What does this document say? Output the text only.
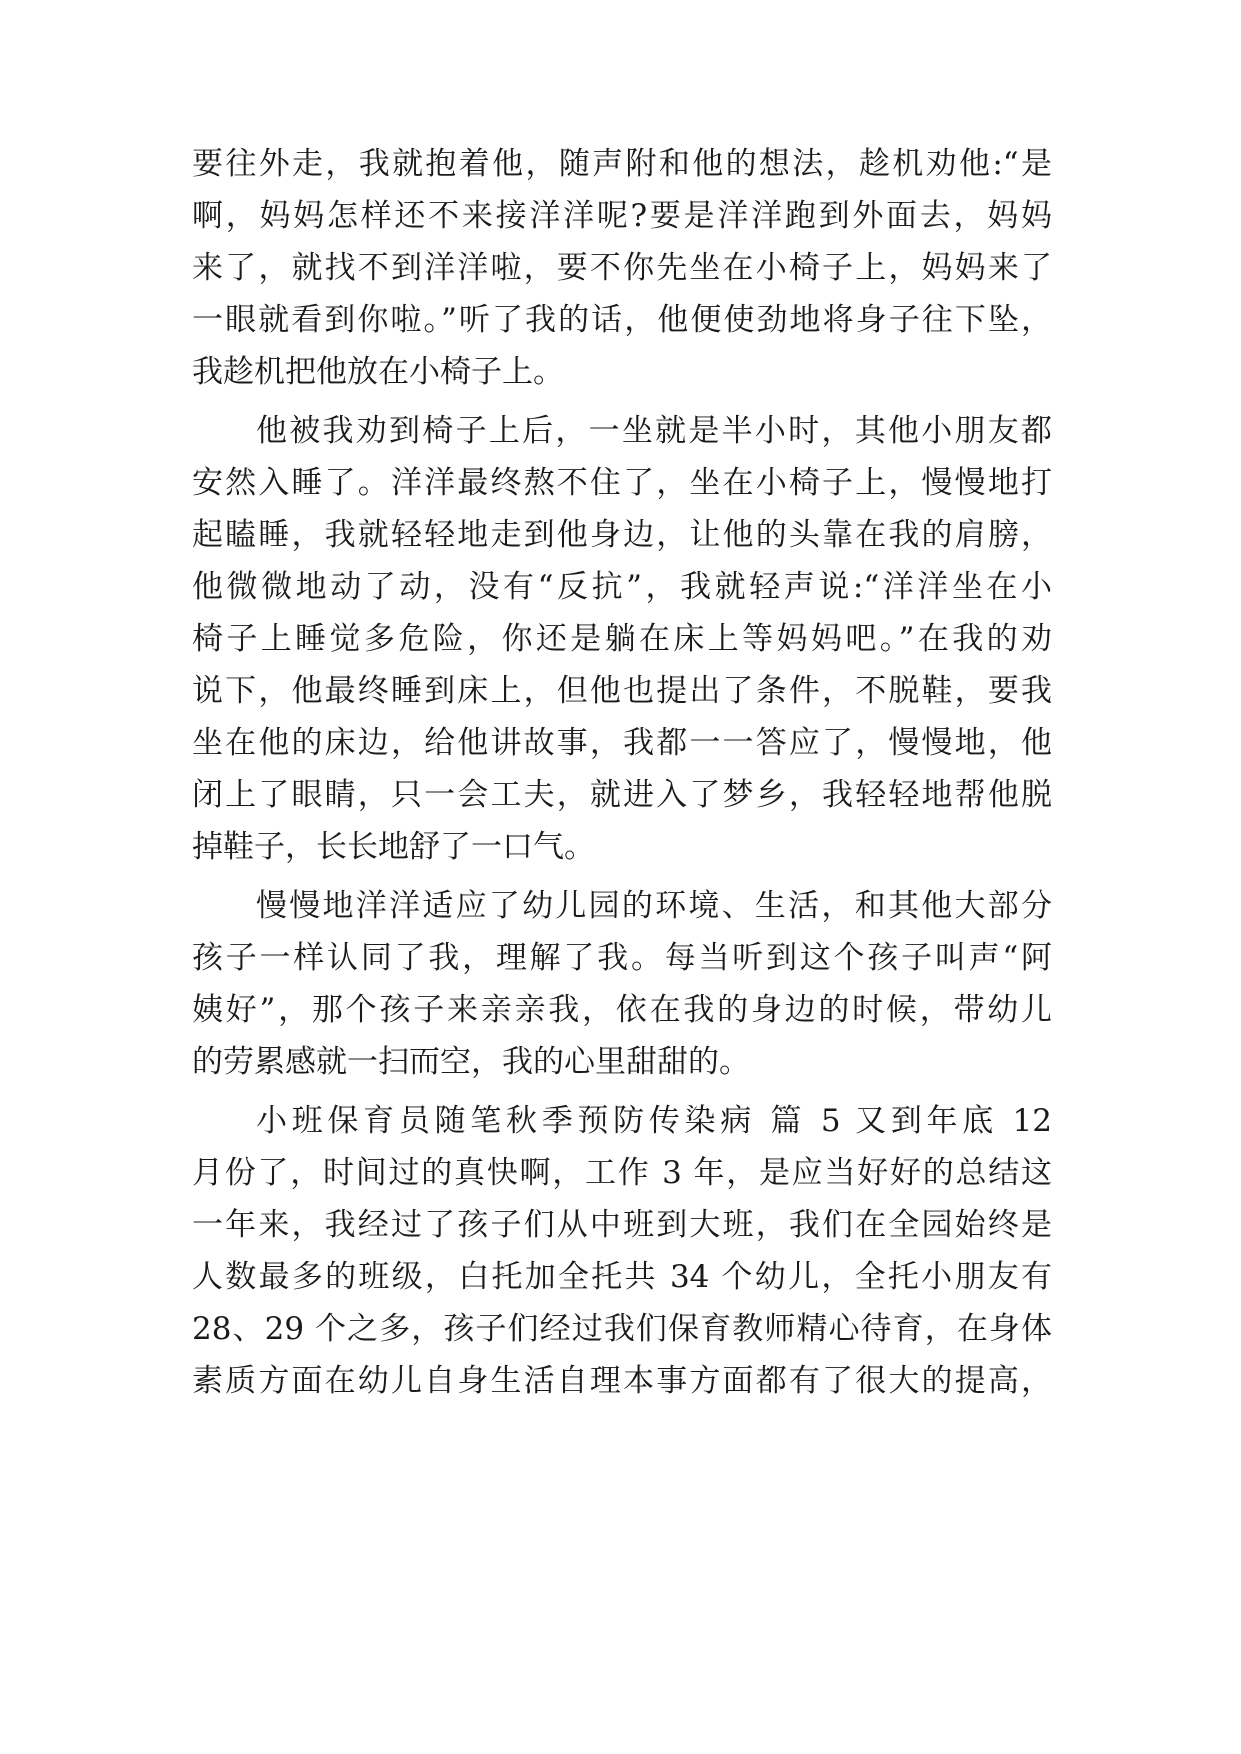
要往外走，我就抱着他，随声附和他的想法，趁机劝他:“是
啊，妈妈怎样还不来接洋洋呢?要是洋洋跑到外面去，妈妈
来了，就找不到洋洋啦，要不你先坐在小椅子上，妈妈来了
一眼就看到你啦。”听了我的话，他便使劲地将身子往下坠，
我趁机把他放在小椅子上。
他被我劝到椅子上后，一坐就是半小时，其他小朋友都
安然入睡了。洋洋最终熬不住了，坐在小椅子上，慢慢地打
起瞌睡，我就轻轻地走到他身边，让他的头靠在我的肩膀，
他微微地动了动，没有“反抗”，我就轻声说:“洋洋坐在小
椅子上睡觉多危险，你还是躺在床上等妈妈吧。”在我的劝
说下，他最终睡到床上，但他也提出了条件，不脱鞋，要我
坐在他的床边，给他讲故事，我都一一答应了，慢慢地，他
闭上了眼睛，只一会工夫，就进入了梦乡，我轻轻地帮他脱
掉鞋子，长长地舒了一口气。
慢慢地洋洋适应了幼儿园的环境、生活，和其他大部分
孩子一样认同了我，理解了我。每当听到这个孩子叫声“阿
姨好”，那个孩子来亲亲我，依在我的身边的时候，带幼儿
的劳累感就一扫而空，我的心里甜甜的。
小班保育员随笔秋季预防传染病 篇 5 又到年底 12
月份了，时间过的真快啊，工作 3 年，是应当好好的总结这
一年来，我经过了孩子们从中班到大班，我们在全园始终是
人数最多的班级，白托加全托共 34 个幼儿，全托小朋友有
28、29 个之多，孩子们经过我们保育教师精心待育，在身体
素质方面在幼儿自身生活自理本事方面都有了很大的提高，
